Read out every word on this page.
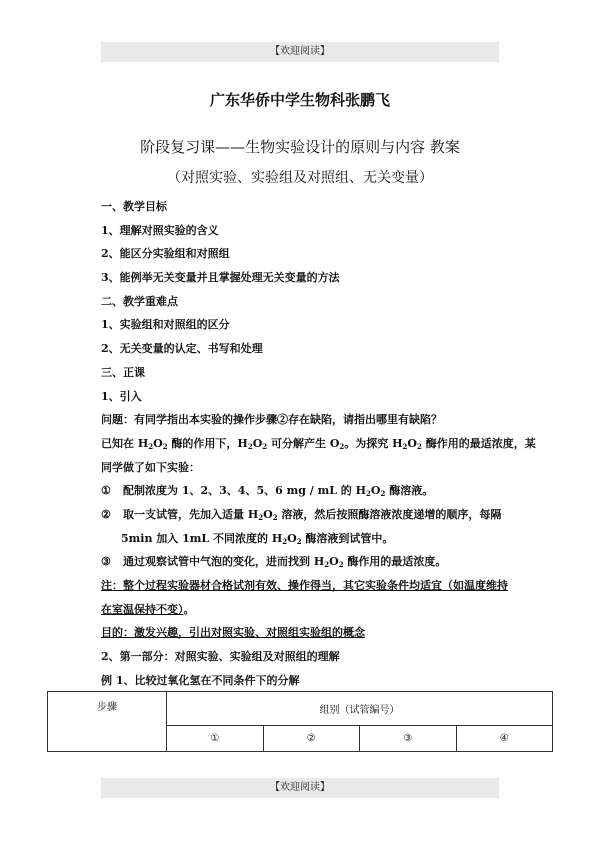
【欢迎阅读】
广东华侨中学生物科张鹏飞
阶段复习课——生物实验设计的原则与内容 教案
（对照实验、实验组及对照组、无关变量）
一、教学目标
1、理解对照实验的含义
2、能区分实验组和对照组
3、能例举无关变量并且掌握处理无关变量的方法
二、教学重难点
1、实验组和对照组的区分
2、无关变量的认定、书写和处理
三、正课
1、引入
问题：有同学指出本实验的操作步骤②存在缺陷，请指出哪里有缺陷？
已知在 $H_2O_2$ 酶的作用下，$H_2O_2$ 可分解产生 $O_2$。为探究 $H_2O_2$ 酶作用的最适浓度，某
同学做了如下实验：
① 配制浓度为 1、2、3、4、5、6 mg / mL 的 $H_2O_2$ 酶溶液。
② 取一支试管，先加入适量 $H_2O_2$ 溶液，然后按照酶溶液浓度递增的顺序，每隔
5min 加入 1mL 不同浓度的 $H_2O_2$ 酶溶液到试管中。
③ 通过观察试管中气泡的变化，进而找到 $H_2O_2$ 酶作用的最适浓度。
注：整个过程实验器材合格试剂有效、操作得当，其它实验条件均适宜（如温度维持
在室温保持不变）。
目的：激发兴趣，引出对照实验、对照组实验组的概念
2、第一部分：对照实验、实验组及对照组的理解
例 1、比较过氧化氢在不同条件下的分解
步骤	组别（试管编号）			
	①	②	③	④
【欢迎阅读】
